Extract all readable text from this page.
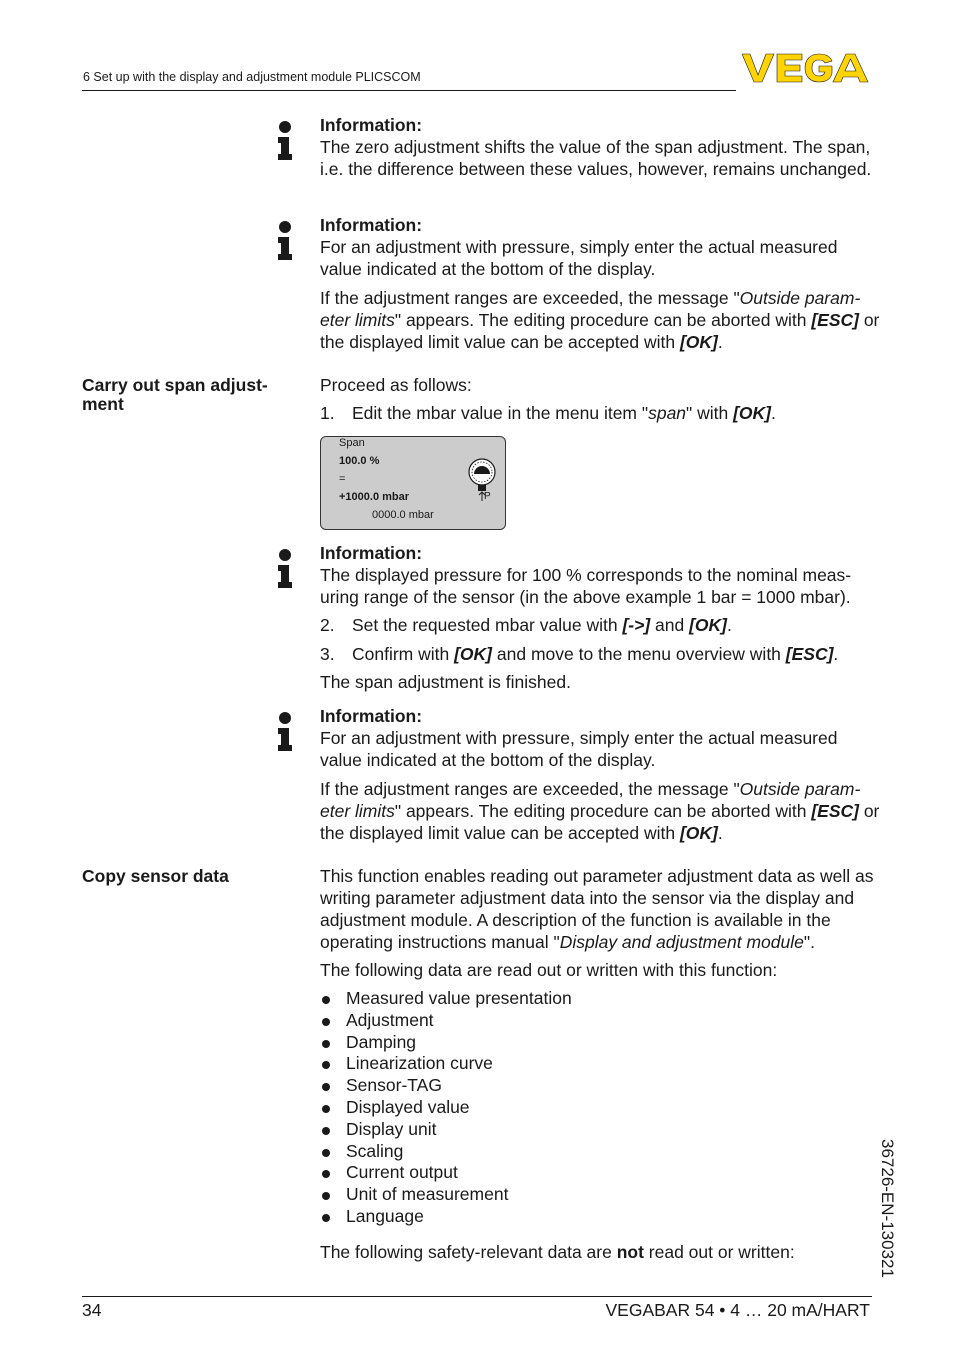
6 Set up with the display and adjustment module PLICSCOM
Information:
The zero adjustment shifts the value of the span adjustment. The span, i.e. the difference between these values, however, remains unchanged.
Information:
For an adjustment with pressure, simply enter the actual measured value indicated at the bottom of the display.
If the adjustment ranges are exceeded, the message "Outside param- eter limits" appears. The editing procedure can be aborted with [ESC] or the displayed limit value can be accepted with [OK].
Carry out span adjust- ment
Proceed as follows:
1. Edit the mbar value in the menu item "span" with [OK].
Span
100.0 %
=
+1000.0 mbar
0000.0 mbar
P
Information:
The displayed pressure for 100 % corresponds to the nominal meas- uring range of the sensor (in the above example 1 bar = 1000 mbar).
2. Set the requested mbar value with [->] and [OK].
3. Confirm with [OK] and move to the menu overview with [ESC].
The span adjustment is finished.
Information:
For an adjustment with pressure, simply enter the actual measured value indicated at the bottom of the display.
If the adjustment ranges are exceeded, the message "Outside param- eter limits" appears. The editing procedure can be aborted with [ESC] or the displayed limit value can be accepted with [OK].
Copy sensor data	This function enables reading out parameter adjustment data as well as writing parameter adjustment data into the sensor via the display and adjustment module. A description of the function is available in the operating instructions manual "Display and adjustment module".
The following data are read out or written with this function:
Measured value presentation
Adjustment
Damping
Linearization curve
Sensor-TAG
Displayed value
Display unit
Scaling
Current output
Unit of measurement
Language
The following safety-relevant data are not read out or written:
34	VEGABAR 54 • 4 … 20 mA/HART
36726-EN-130321
